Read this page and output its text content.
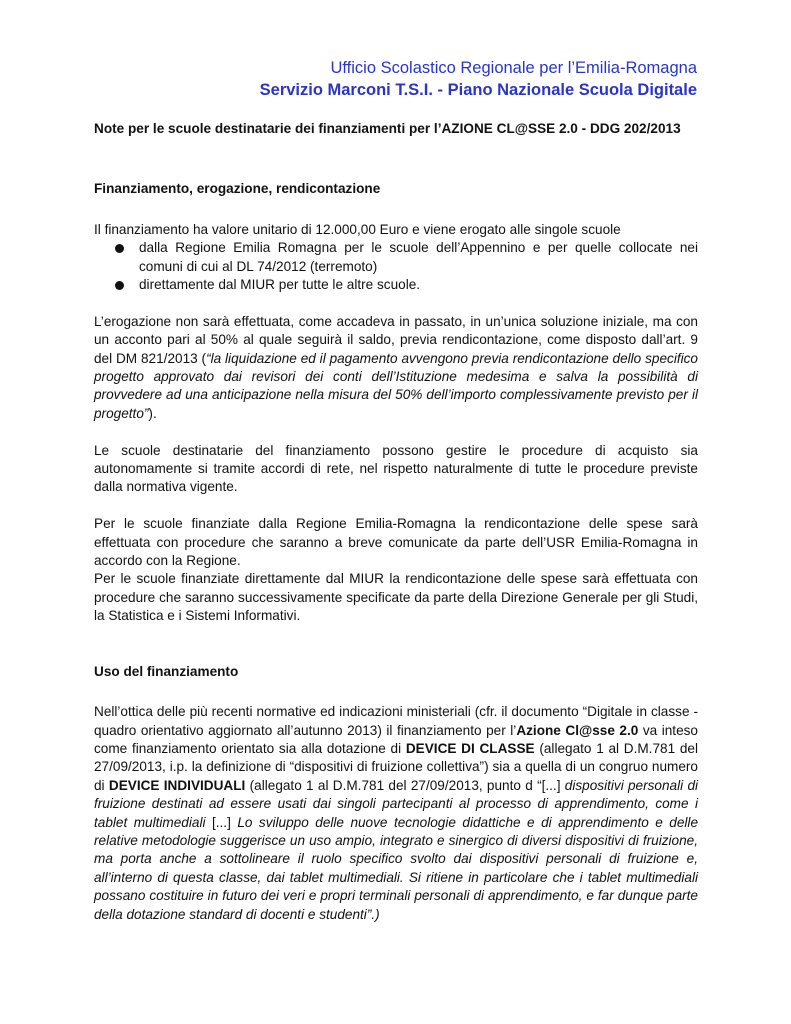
Ufficio Scolastico Regionale per l’Emilia-Romagna
Servizio Marconi T.S.I. - Piano Nazionale Scuola Digitale
Note per le scuole destinatarie dei finanziamenti per l’AZIONE CL@SSE 2.0 - DDG 202/2013
Finanziamento, erogazione, rendicontazione

Il finanziamento ha valore unitario di 12.000,00 Euro e viene erogato alle singole scuole

dalla Regione Emilia Romagna per le scuole dell’Appennino e per quelle collocate nei comuni di cui al DL 74/2012 (terremoto)
direttamente dal MIUR per tutte le altre scuole.

L’erogazione non sarà effettuata, come accadeva in passato, in un’unica soluzione iniziale, ma con un acconto pari al 50% al quale seguirà il saldo, previa rendicontazione, come disposto dall’art. 9 del DM 821/2013 (“la liquidazione ed il pagamento avvengono previa rendicontazione dello specifico progetto approvato dai revisori dei conti dell’Istituzione medesima e salva la possibilità di provvedere ad una anticipazione nella misura del 50% dell’importo complessivamente previsto per il progetto”).

Le scuole destinatarie del finanziamento possono gestire le procedure di acquisto sia autonomamente si tramite accordi di rete, nel rispetto naturalmente di tutte le procedure previste dalla normativa vigente.

Per le scuole finanziate dalla Regione Emilia-Romagna la rendicontazione delle spese sarà effettuata con procedure che saranno a breve comunicate da parte dell’USR Emilia-Romagna in accordo con la Regione.

Per le scuole finanziate direttamente dal MIUR la rendicontazione delle spese sarà effettuata con procedure che saranno successivamente specificate da parte della Direzione Generale per gli Studi, la Statistica e i Sistemi Informativi.

Uso del finanziamento

Nell’ottica delle più recenti normative ed indicazioni ministeriali (cfr. il documento “Digitale in classe - quadro orientativo aggiornato all’autunno 2013) il finanziamento per l’Azione Cl@sse 2.0 va inteso come finanziamento orientato sia alla dotazione di DEVICE DI CLASSE (allegato 1 al D.M.781 del 27/09/2013, i.p. la definizione di “dispositivi di fruizione collettiva”) sia a quella di un congruo numero di DEVICE INDIVIDUALI (allegato 1 al D.M.781 del 27/09/2013, punto d “[...] dispositivi personali di fruizione destinati ad essere usati dai singoli partecipanti al processo di apprendimento, come i tablet multimediali [...] Lo sviluppo delle nuove tecnologie didattiche e di apprendimento e delle relative metodologie suggerisce un uso ampio, integrato e sinergico di diversi dispositivi di fruizione, ma porta anche a sottolineare il ruolo specifico svolto dai dispositivi personali di fruizione e, all’interno di questa classe, dai tablet multimediali. Si ritiene in particolare che i tablet multimediali possano costituire in futuro dei veri e propri terminali personali di apprendimento, e far dunque parte della dotazione standard di docenti e studenti”.)
